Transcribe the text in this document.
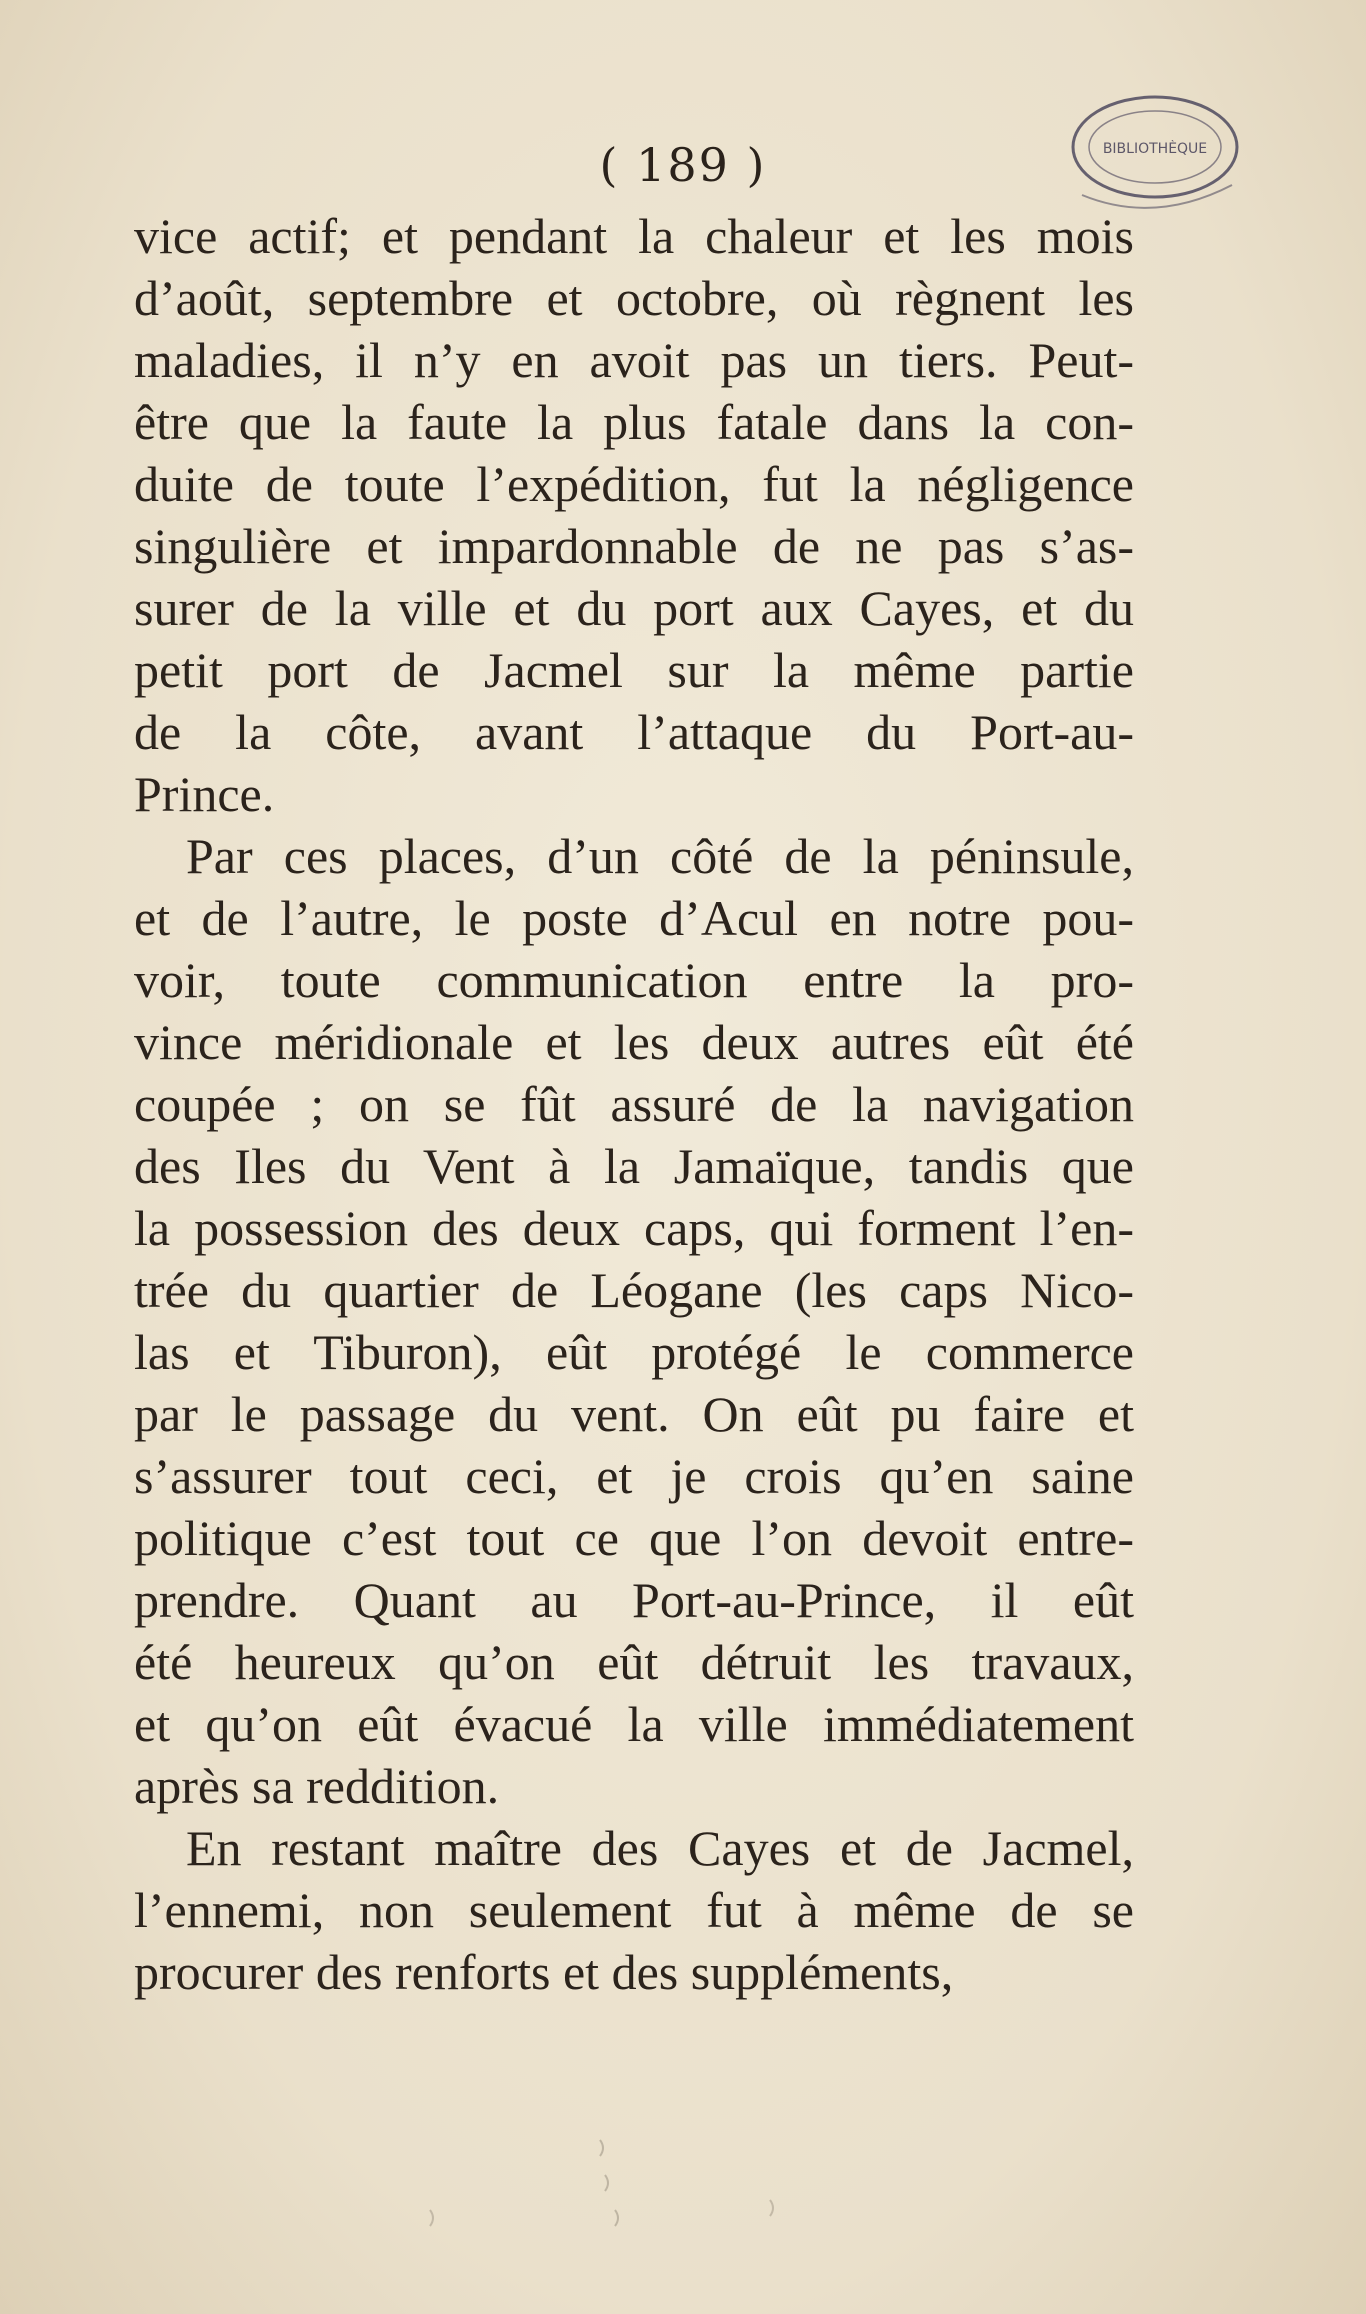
( 189 )	BIBLIOTHÈQUE
vice actif; et pendant la chaleur et les mois
d’août, septembre et octobre, où règnent les
maladies, il n’y en avoit pas un tiers. Peut-
être que la faute la plus fatale dans la con-
duite de toute l’expédition, fut la négligence
singulière et impardonnable de ne pas s’as-
surer de la ville et du port aux Cayes, et du
petit port de Jacmel sur la même partie
de la côte, avant l’attaque du Port-au-
Prince.
Par ces places, d’un côté de la péninsule,
et de l’autre, le poste d’Acul en notre pou-
voir, toute communication entre la pro-
vince méridionale et les deux autres eût été
coupée ; on se fût assuré de la navigation
des Iles du Vent à la Jamaïque, tandis que
la possession des deux caps, qui forment l’en-
trée du quartier de Léogane (les caps Nico-
las et Tiburon), eût protégé le commerce
par le passage du vent. On eût pu faire et
s’assurer tout ceci, et je crois qu’en saine
politique c’est tout ce que l’on devoit entre-
prendre. Quant au Port-au-Prince, il eût
été heureux qu’on eût détruit les travaux,
et qu’on eût évacué la ville immédiatement
après sa reddition.
En restant maître des Cayes et de Jacmel,
l’ennemi, non seulement fut à même de se
procurer des renforts et des suppléments,
